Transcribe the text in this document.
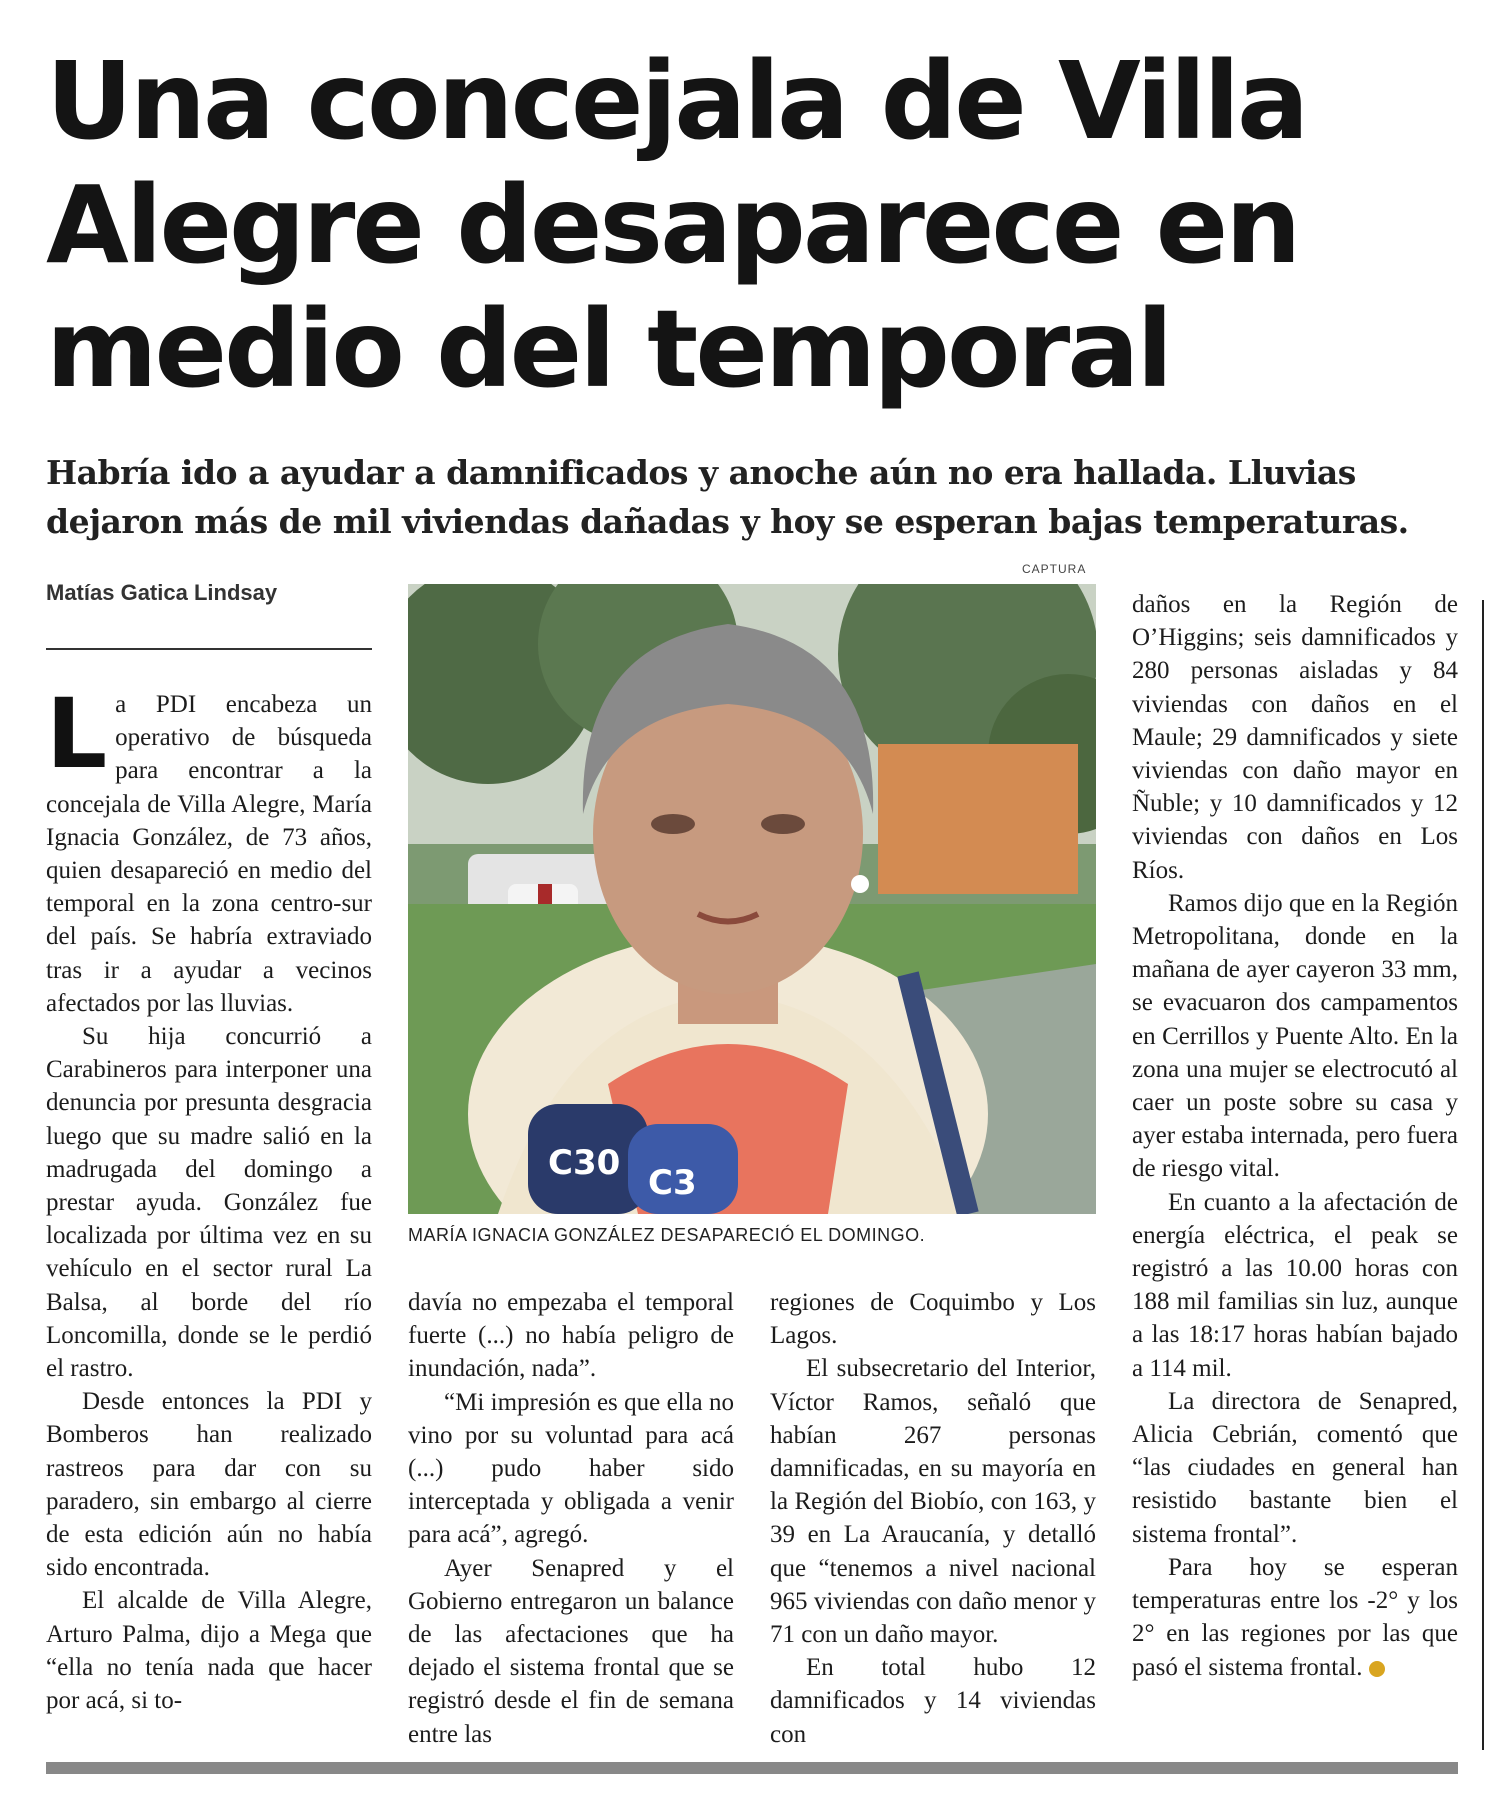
Una concejala de Villa
Alegre desaparece en
medio del temporal
Habría ido a ayudar a damnificados y anoche aún no era hallada. Lluvias
dejaron más de mil viviendas dañadas y hoy se esperan bajas temperaturas.
Matías Gatica Lindsay
CAPTURA
C30 C3
MARÍA IGNACIA GONZÁLEZ DESAPARECIÓ EL DOMINGO.

La PDI encabeza un operativo de búsqueda para encontrar a la concejala de Villa Alegre, María Ignacia González, de 73 años, quien desapareció en medio del temporal en la zona centro-sur del país. Se habría extraviado tras ir a ayudar a vecinos afectados por las lluvias.

Su hija concurrió a Carabineros para interponer una denuncia por presunta desgracia luego que su madre salió en la madrugada del domingo a prestar ayuda. González fue localizada por última vez en su vehículo en el sector rural La Balsa, al borde del río Loncomilla, donde se le perdió el rastro.

Desde entonces la PDI y Bomberos han realizado rastreos para dar con su paradero, sin embargo al cierre de esta edición aún no había sido encontrada.

El alcalde de Villa Alegre, Arturo Palma, dijo a Mega que “ella no tenía nada que hacer por acá, si to-

davía no empezaba el temporal fuerte (...) no había peligro de inundación, nada”.

“Mi impresión es que ella no vino por su voluntad para acá (...) pudo haber sido interceptada y obligada a venir para acá”, agregó.

Ayer Senapred y el Gobierno entregaron un balance de las afectaciones que ha dejado el sistema frontal que se registró desde el fin de semana entre las

regiones de Coquimbo y Los Lagos.

El subsecretario del Interior, Víctor Ramos, señaló que habían 267 personas damnificadas, en su mayoría en la Región del Biobío, con 163, y 39 en La Araucanía, y detalló que “tenemos a nivel nacional 965 viviendas con daño menor y 71 con un daño mayor.

En total hubo 12 damnificados y 14 viviendas con

daños en la Región de O’Higgins; seis damnificados y 280 personas aisladas y 84 viviendas con daños en el Maule; 29 damnificados y siete viviendas con daño mayor en Ñuble; y 10 damnificados y 12 viviendas con daños en Los Ríos.

Ramos dijo que en la Región Metropolitana, donde en la mañana de ayer cayeron 33 mm, se evacuaron dos campamentos en Cerrillos y Puente Alto. En la zona una mujer se electrocutó al caer un poste sobre su casa y ayer estaba internada, pero fuera de riesgo vital.

En cuanto a la afectación de energía eléctrica, el peak se registró a las 10.00 horas con 188 mil familias sin luz, aunque a las 18:17 horas habían bajado a 114 mil.

La directora de Senapred, Alicia Cebrián, comentó que “las ciudades en general han resistido bastante bien el sistema frontal”.

Para hoy se esperan temperaturas entre los -2° y los 2° en las regiones por las que pasó el sistema frontal.
